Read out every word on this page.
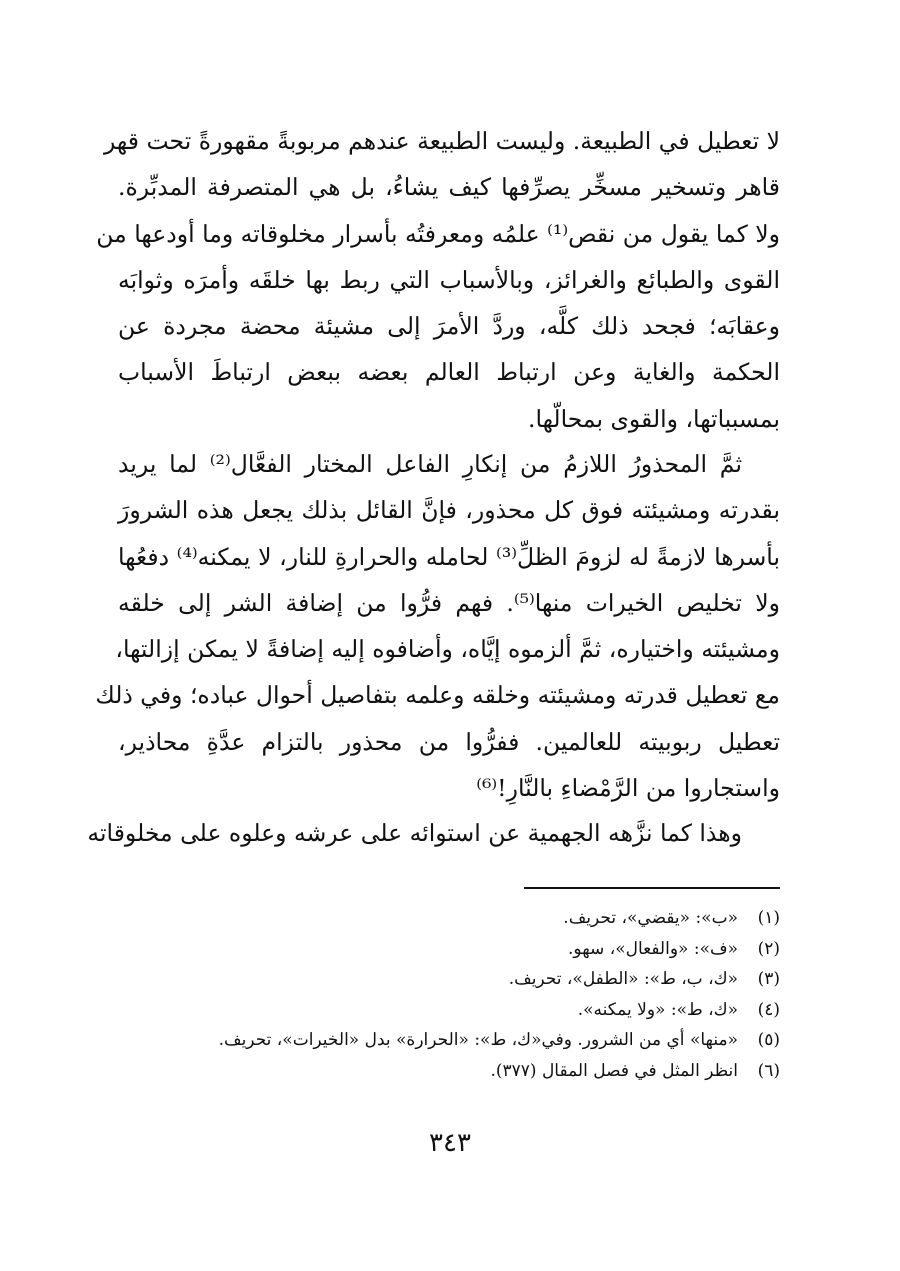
لا تعطيل في الطبيعة. وليست الطبيعة عندهم مربوبةً مقهورةً تحت قهر
قاهر وتسخير مسخِّر يصرِّفها كيف يشاءُ، بل هي المتصرفة المدبِّرة.
ولا كما يقول من نقص⁽¹⁾ علمُه ومعرفتُه بأسرار مخلوقاته وما أودعها من
القوى والطبائع والغرائز، وبالأسباب التي ربط بها خلقَه وأمرَه وثوابَه
وعقابَه؛ فجحد ذلك كلَّه، وردَّ الأمرَ إلى مشيئة محضة مجردة عن
الحكمة والغاية وعن ارتباط العالم بعضه ببعض ارتباطَ الأسباب
بمسبباتها، والقوى بمحالّها.
ثمَّ المحذورُ اللازمُ من إنكارِ الفاعل المختار الفعَّال⁽²⁾ لما يريد
بقدرته ومشيئته فوق كل محذور، فإنَّ القائل بذلك يجعل هذه الشرورَ
بأسرها لازمةً له لزومَ الظلِّ⁽³⁾ لحامله والحرارةِ للنار، لا يمكنه⁽⁴⁾ دفعُها
ولا تخليص الخيرات منها⁽⁵⁾. فهم فرُّوا من إضافة الشر إلى خلقه
ومشيئته واختياره، ثمَّ ألزموه إيَّاه، وأضافوه إليه إضافةً لا يمكن إزالتها،
مع تعطيل قدرته ومشيئته وخلقه وعلمه بتفاصيل أحوال عباده؛ وفي ذلك
تعطيل ربوبيته للعالمين. ففرُّوا من محذور بالتزام عدَّةِ محاذير،
واستجاروا من الرَّمْضاءِ بالنَّارِ!⁽⁶⁾
وهذا كما نزَّهه الجهمية عن استوائه على عرشه وعلوه على مخلوقاته
(١)«ب»: «يقضي»، تحريف.
(٢)«ف»: «والفعال»، سهو.
(٣)«ك، ب، ط»: «الطفل»، تحريف.
(٤)«ك، ط»: «ولا يمكنه».
(٥)«منها» أي من الشرور. وفي«ك، ط»: «الحرارة» بدل «الخيرات»، تحريف.
(٦)انظر المثل في فصل المقال (٣٧٧).
٣٤٣
